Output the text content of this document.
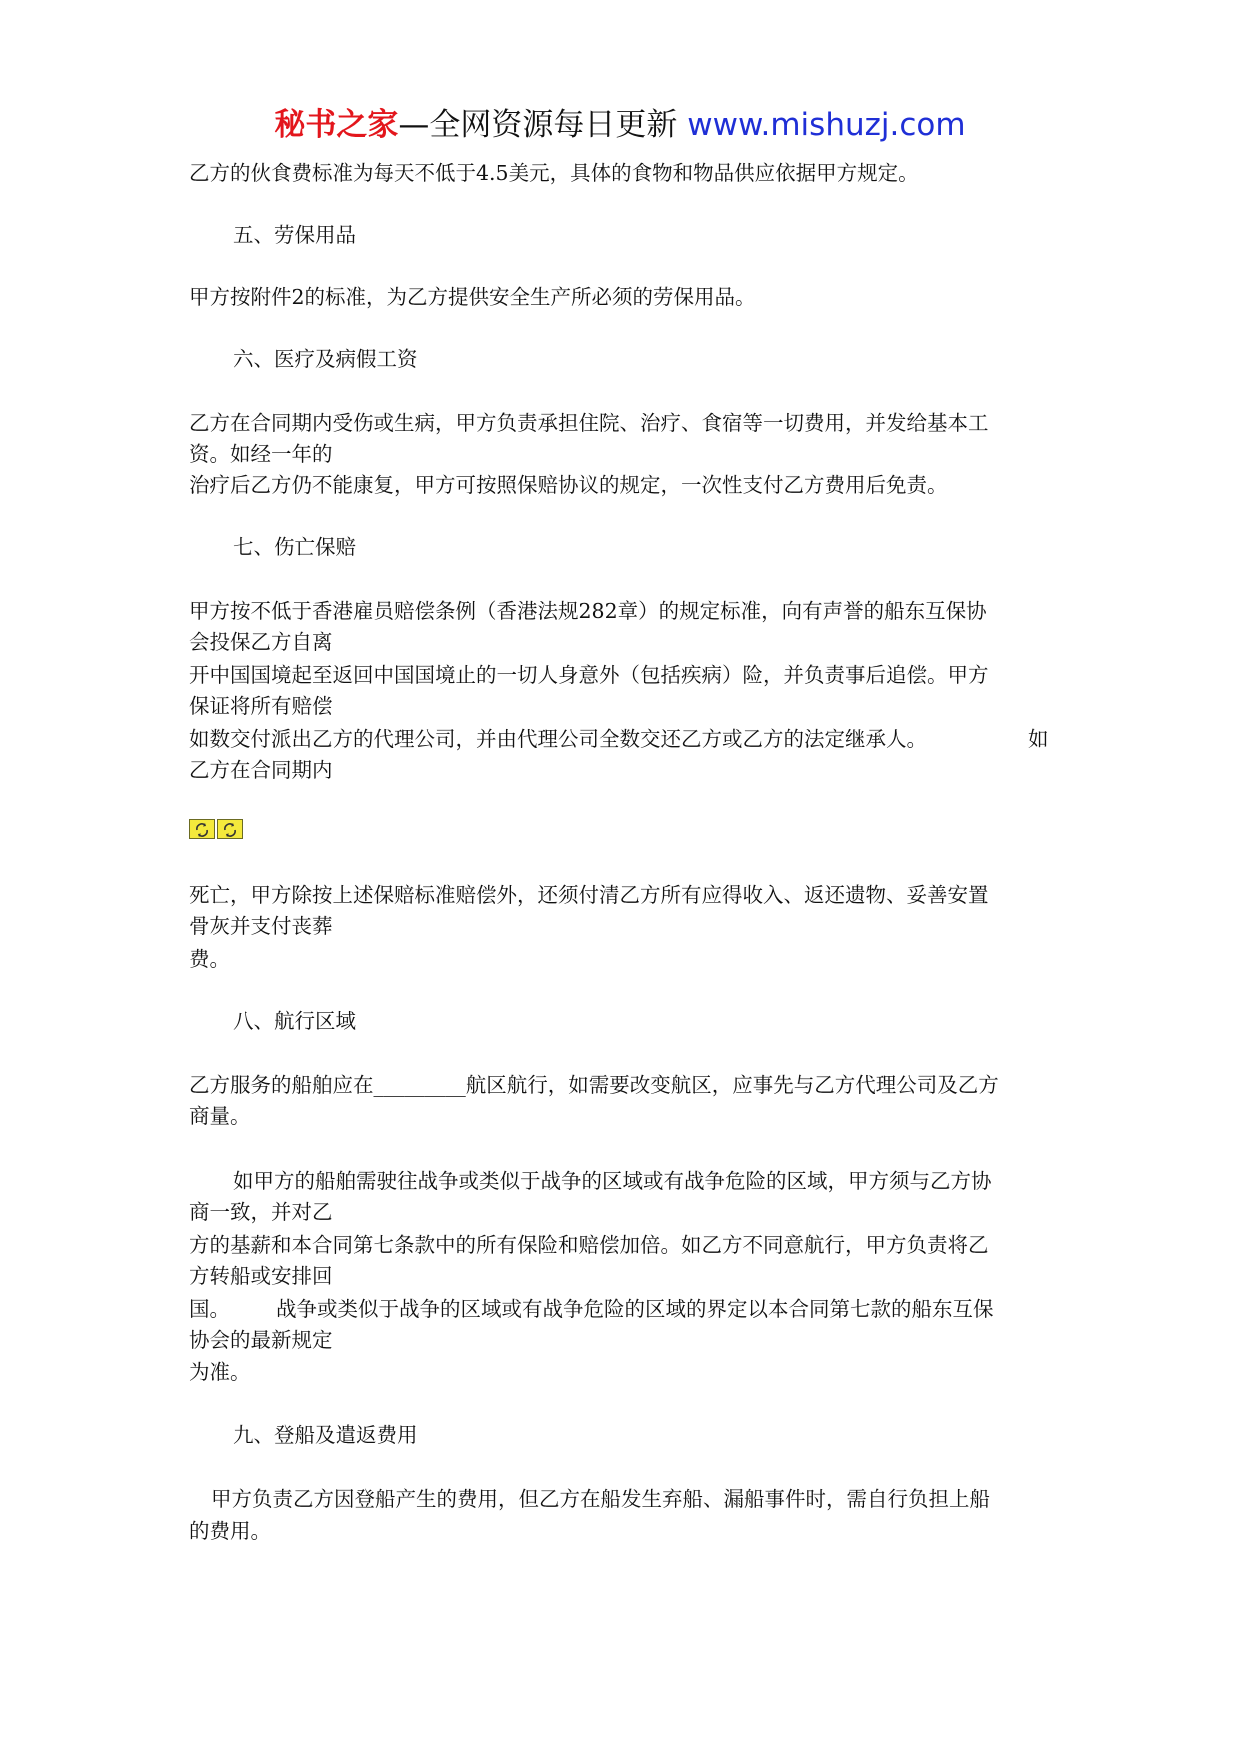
秘书之家—全网资源每日更新 www.mishuzj.com
乙方的伙食费标准为每天不低于4.5美元，具体的食物和物品供应依据甲方规定。
五、劳保用品
甲方按附件2的标准，为乙方提供安全生产所必须的劳保用品。
六、医疗及病假工资
乙方在合同期内受伤或生病，甲方负责承担住院、治疗、食宿等一切费用，并发给基本工
资。如经一年的
治疗后乙方仍不能康复，甲方可按照保赔协议的规定，一次性支付乙方费用后免责。
七、伤亡保赔
甲方按不低于香港雇员赔偿条例（香港法规282章）的规定标准，向有声誉的船东互保协
会投保乙方自离
开中国国境起至返回中国国境止的一切人身意外（包括疾病）险，并负责事后追偿。甲方
保证将所有赔偿
如数交付派出乙方的代理公司，并由代理公司全数交还乙方或乙方的法定继承人。	如
乙方在合同期内
死亡，甲方除按上述保赔标准赔偿外，还须付清乙方所有应得收入、返还遗物、妥善安置
骨灰并支付丧葬
费。
八、航行区域
乙方服务的船舶应在_________航区航行，如需要改变航区，应事先与乙方代理公司及乙方
商量。
如甲方的船舶需驶往战争或类似于战争的区域或有战争危险的区域，甲方须与乙方协
商一致，并对乙
方的基薪和本合同第七条款中的所有保险和赔偿加倍。如乙方不同意航行，甲方负责将乙
方转船或安排回
国。 战争或类似于战争的区域或有战争危险的区域的界定以本合同第七款的船东互保
协会的最新规定
为准。
九、登船及遣返费用
甲方负责乙方因登船产生的费用，但乙方在船发生弃船、漏船事件时，需自行负担上船
的费用。
